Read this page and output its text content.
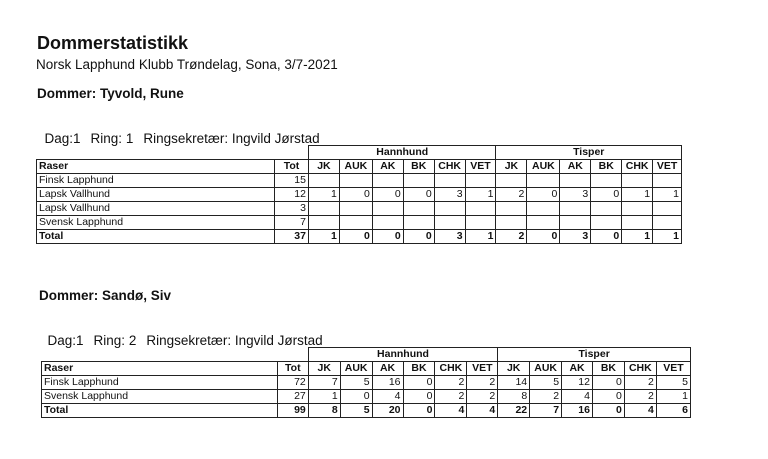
Dommerstatistikk
Norsk Lapphund Klubb Trøndelag, Sona, 3/7-2021
Dommer: Tyvold, Rune

Dag:1 Ring: 1 Ringsekretær: Ingvild Jørstad

		Hannhund						Tisper					
Raser	Tot	JK	AUK	AK	BK	CHK	VET	JK	AUK	AK	BK	CHK	VET
Finsk Lapphund	15												
Lapsk Vallhund	12	1	0	0	0	3	1	2	0	3	0	1	1
Lapsk Vallhund	3												
Svensk Lapphund	7												
Total	37	1	0	0	0	3	1	2	0	3	0	1	1
Dommer: Sandø, Siv

Dag:1 Ring: 2 Ringsekretær: Ingvild Jørstad

		Hannhund						Tisper					
Raser	Tot	JK	AUK	AK	BK	CHK	VET	JK	AUK	AK	BK	CHK	VET
Finsk Lapphund	72	7	5	16	0	2	2	14	5	12	0	2	5
Svensk Lapphund	27	1	0	4	0	2	2	8	2	4	0	2	1
Total	99	8	5	20	0	4	4	22	7	16	0	4	6
